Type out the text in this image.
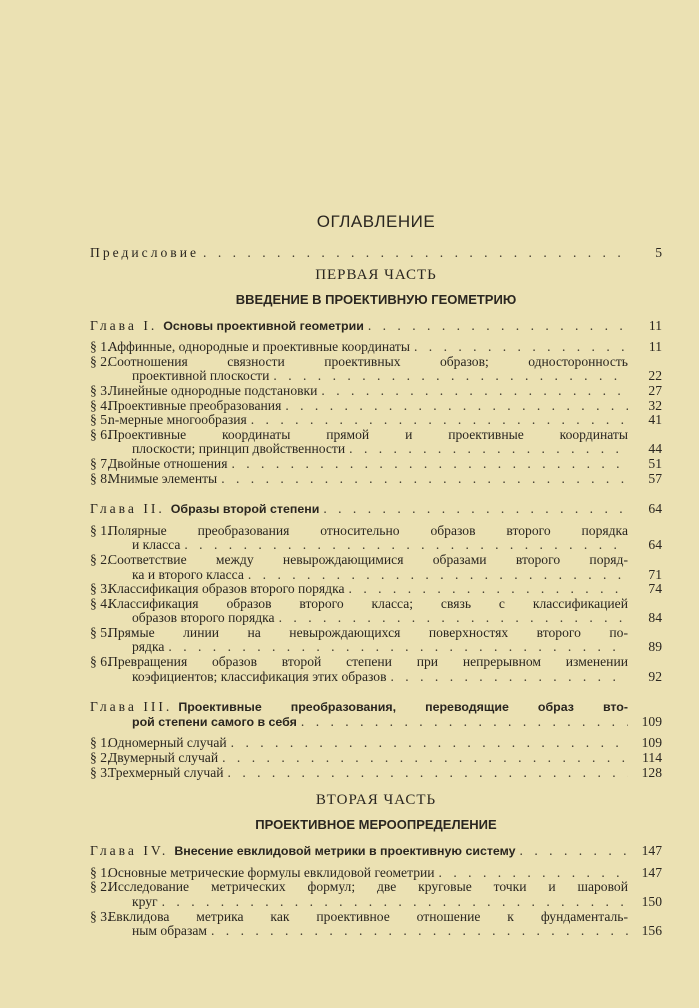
ОГЛАВЛЕНИЕ
Предисловие . . .	5
ПЕРВАЯ ЧАСТЬ
ВВЕДЕНИЕ В ПРОЕКТИВНУЮ ГЕОМЕТРИЮ
Глава I. Основы проективной геометрии . . .	11
§ 1.
Аффинные, однородные и проективные координаты . . .	11
§ 2.
Соотношения связности проективных образов; односторонность
проективной плоскости . . .	22
§ 3.
Линейные однородные подстановки . . .	27
§ 4.
Проективные преобразования . . .	32
§ 5.
n-мерные многообразия . . .	41
§ 6.
Проективные координаты прямой и проективные координаты
плоскости; принцип двойственности . . .	44
§ 7.
Двойные отношения . . .	51
§ 8.
Мнимые элементы . . .	57
Глава II. Образы второй степени . . .	64
§ 1.
Полярные преобразования относительно образов второго порядка
и класса . . .	64
§ 2.
Соответствие между невырождающимися образами второго поряд-
ка и второго класса . . .	71
§ 3.
Классификация образов второго порядка . . .	74
§ 4.
Классификация образов второго класса; связь с классификацией
образов второго порядка . . .	84
§ 5.
Прямые линии на невырождающихся поверхностях второго по-
рядка . . .	89
§ 6.
Превращения образов второй степени при непрерывном изменении
коэфициентов; классификация этих образов . . .	92
Глава III. Проективные преобразования, переводящие образ вто-
рой степени самого в себя . . .	109
§ 1.
Одномерный случай . . .	109
§ 2.
Двумерный случай . . .	114
§ 3.
Трехмерный случай . . .	128
ВТОРАЯ ЧАСТЬ
ПРОЕКТИВНОЕ МЕРООПРЕДЕЛЕНИЕ
Глава IV. Внесение евклидовой метрики в проективную систему . . .	147
§ 1.
Основные метрические формулы евклидовой геометрии . . .	147
§ 2.
Исследование метрических формул; две круговые точки и шаровой
круг . . .	150
§ 3.
Евклидова метрика как проективное отношение к фундаменталь-
ным образам . . .	156
